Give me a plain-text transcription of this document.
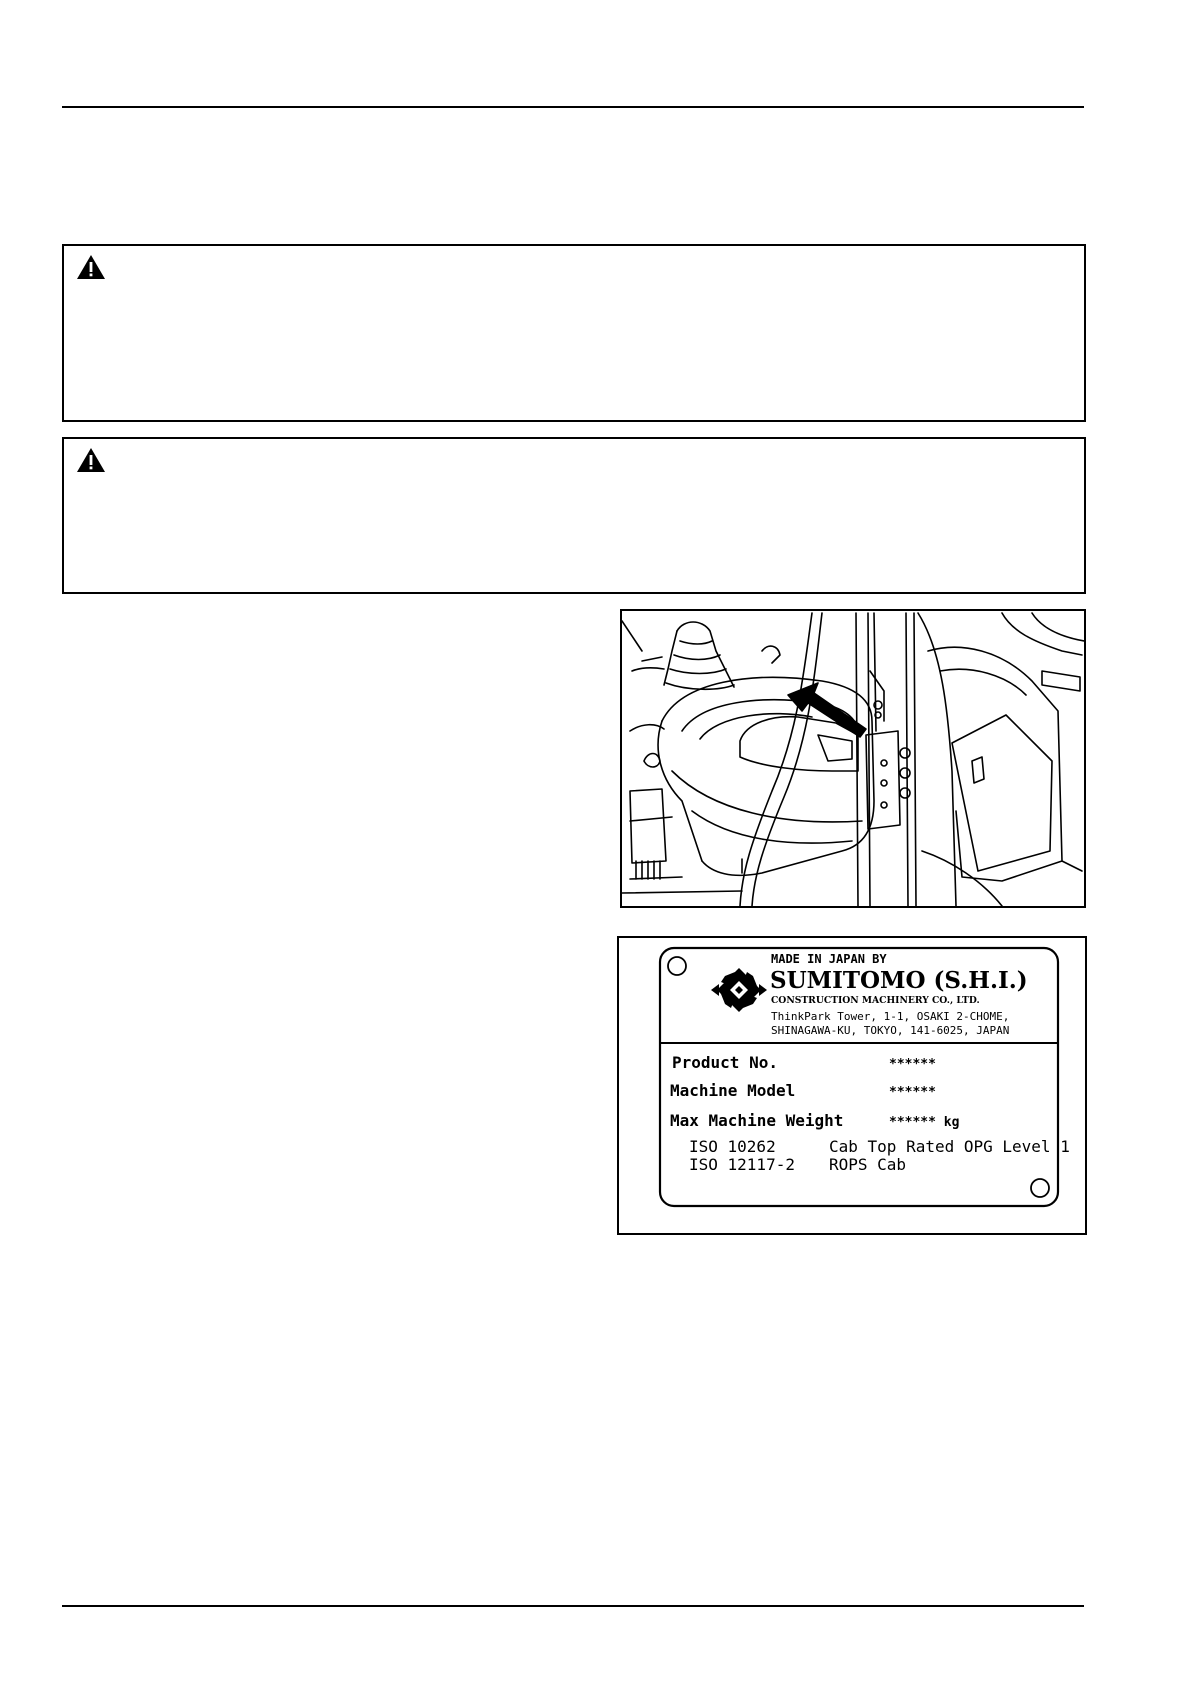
MADE IN JAPAN BY
SUMITOMO (S.H.I.)
CONSTRUCTION MACHINERY CO., LTD.
ThinkPark Tower, 1-1, OSAKI 2-CHOME,
SHINAGAWA-KU, TOKYO, 141-6025, JAPAN
Product No.	******
Machine Model	******
Max Machine Weight	****** kg
ISO 10262	Cab Top Rated OPG Level 1
ISO 12117-2 ROPS Cab
